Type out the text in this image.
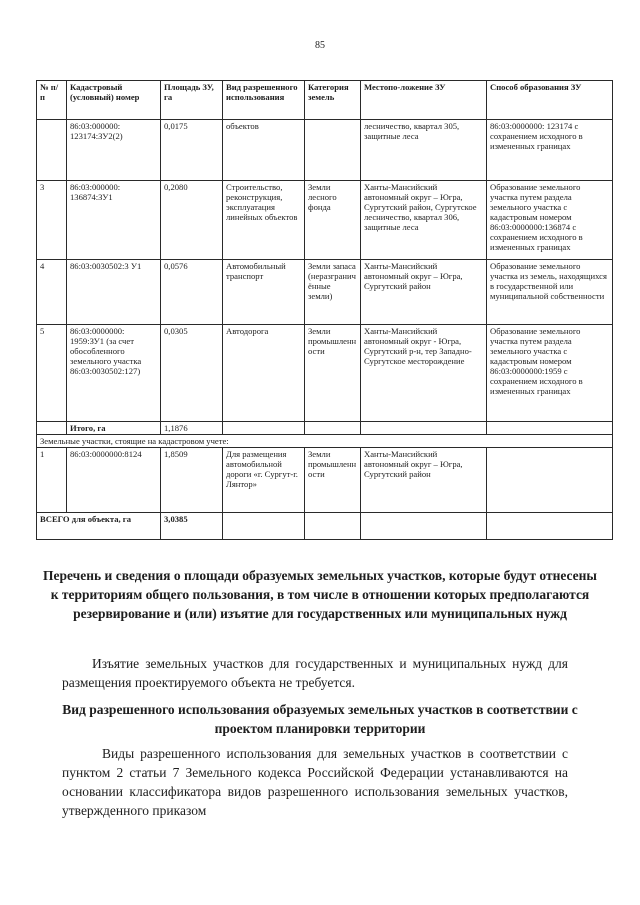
85
№ п/п	Кадастровый (условный) номер	Площадь ЗУ, га	Вид разрешенного использования	Категория земель	Местопо-ложение ЗУ	Способ образования ЗУ
	86:03:000000: 123174:ЗУ2(2)	0,0175	объектов		лесничество, квартал 305, защитные леса	86:03:0000000: 123174 с сохранением исходного в измененных границах
3	86:03:000000: 136874:ЗУ1	0,2080	Строительство, реконструкция, эксплуатация линейных объектов	Земли лесного фонда	Ханты-Мансийский автономный округ – Югра, Сургутский район, Сургутское лесничество, квартал 306, защитные леса	Образование земельного участка путем раздела земельного участка с кадастровым номером 86:03:0000000:136874 с сохранением исходного в измененных границах
4	86:03:0030502:3 У1	0,0576	Автомобильный транспорт	Земли запаса (неразграничённые земли)	Ханты-Мансийский автономный округ – Югра, Сургутский район	Образование земельного участка из земель, находящихся в государственной или муниципальной собственности
5	86:03:0000000: 1959:ЗУ1 (за счет обособленного земельного участка 86:03:0030502:127)	0,0305	Автодорога	Земли промышленности	Ханты-Мансийский автономный округ - Югра, Сургутский р-н, тер Западно-Сургутское месторождение	Образование земельного участка путем раздела земельного участка с кадастровым номером 86:03:0000000:1959 с сохранением исходного в измененных границах
	Итого, га	1,1876				
Земельные участки, стоящие на кадастровом учете:						
1	86:03:0000000:8124	1,8509	Для размещения автомобильной дороги «г. Сургут-г. Лянтор»	Земли промышленности	Ханты-Мансийский автономный округ – Югра, Сургутский район	
ВСЕГО для объекта, га		3,0385				
Перечень и сведения о площади образуемых земельных участков, которые будут отнесены к территориям общего пользования, в том числе в отношении которых предполагаются резервирование и (или) изъятие для государственных или муниципальных нужд
Изъятие земельных участков для государственных и муниципальных нужд для размещения проектируемого объекта не требуется.
Вид разрешенного использования образуемых земельных участков в соответствии с проектом планировки территории
Виды разрешенного использования для земельных участков в соответствии с пунктом 2 статьи 7 Земельного кодекса Российской Федерации устанавливаются на основании классификатора видов разрешенного использования земельных участков, утвержденного приказом
